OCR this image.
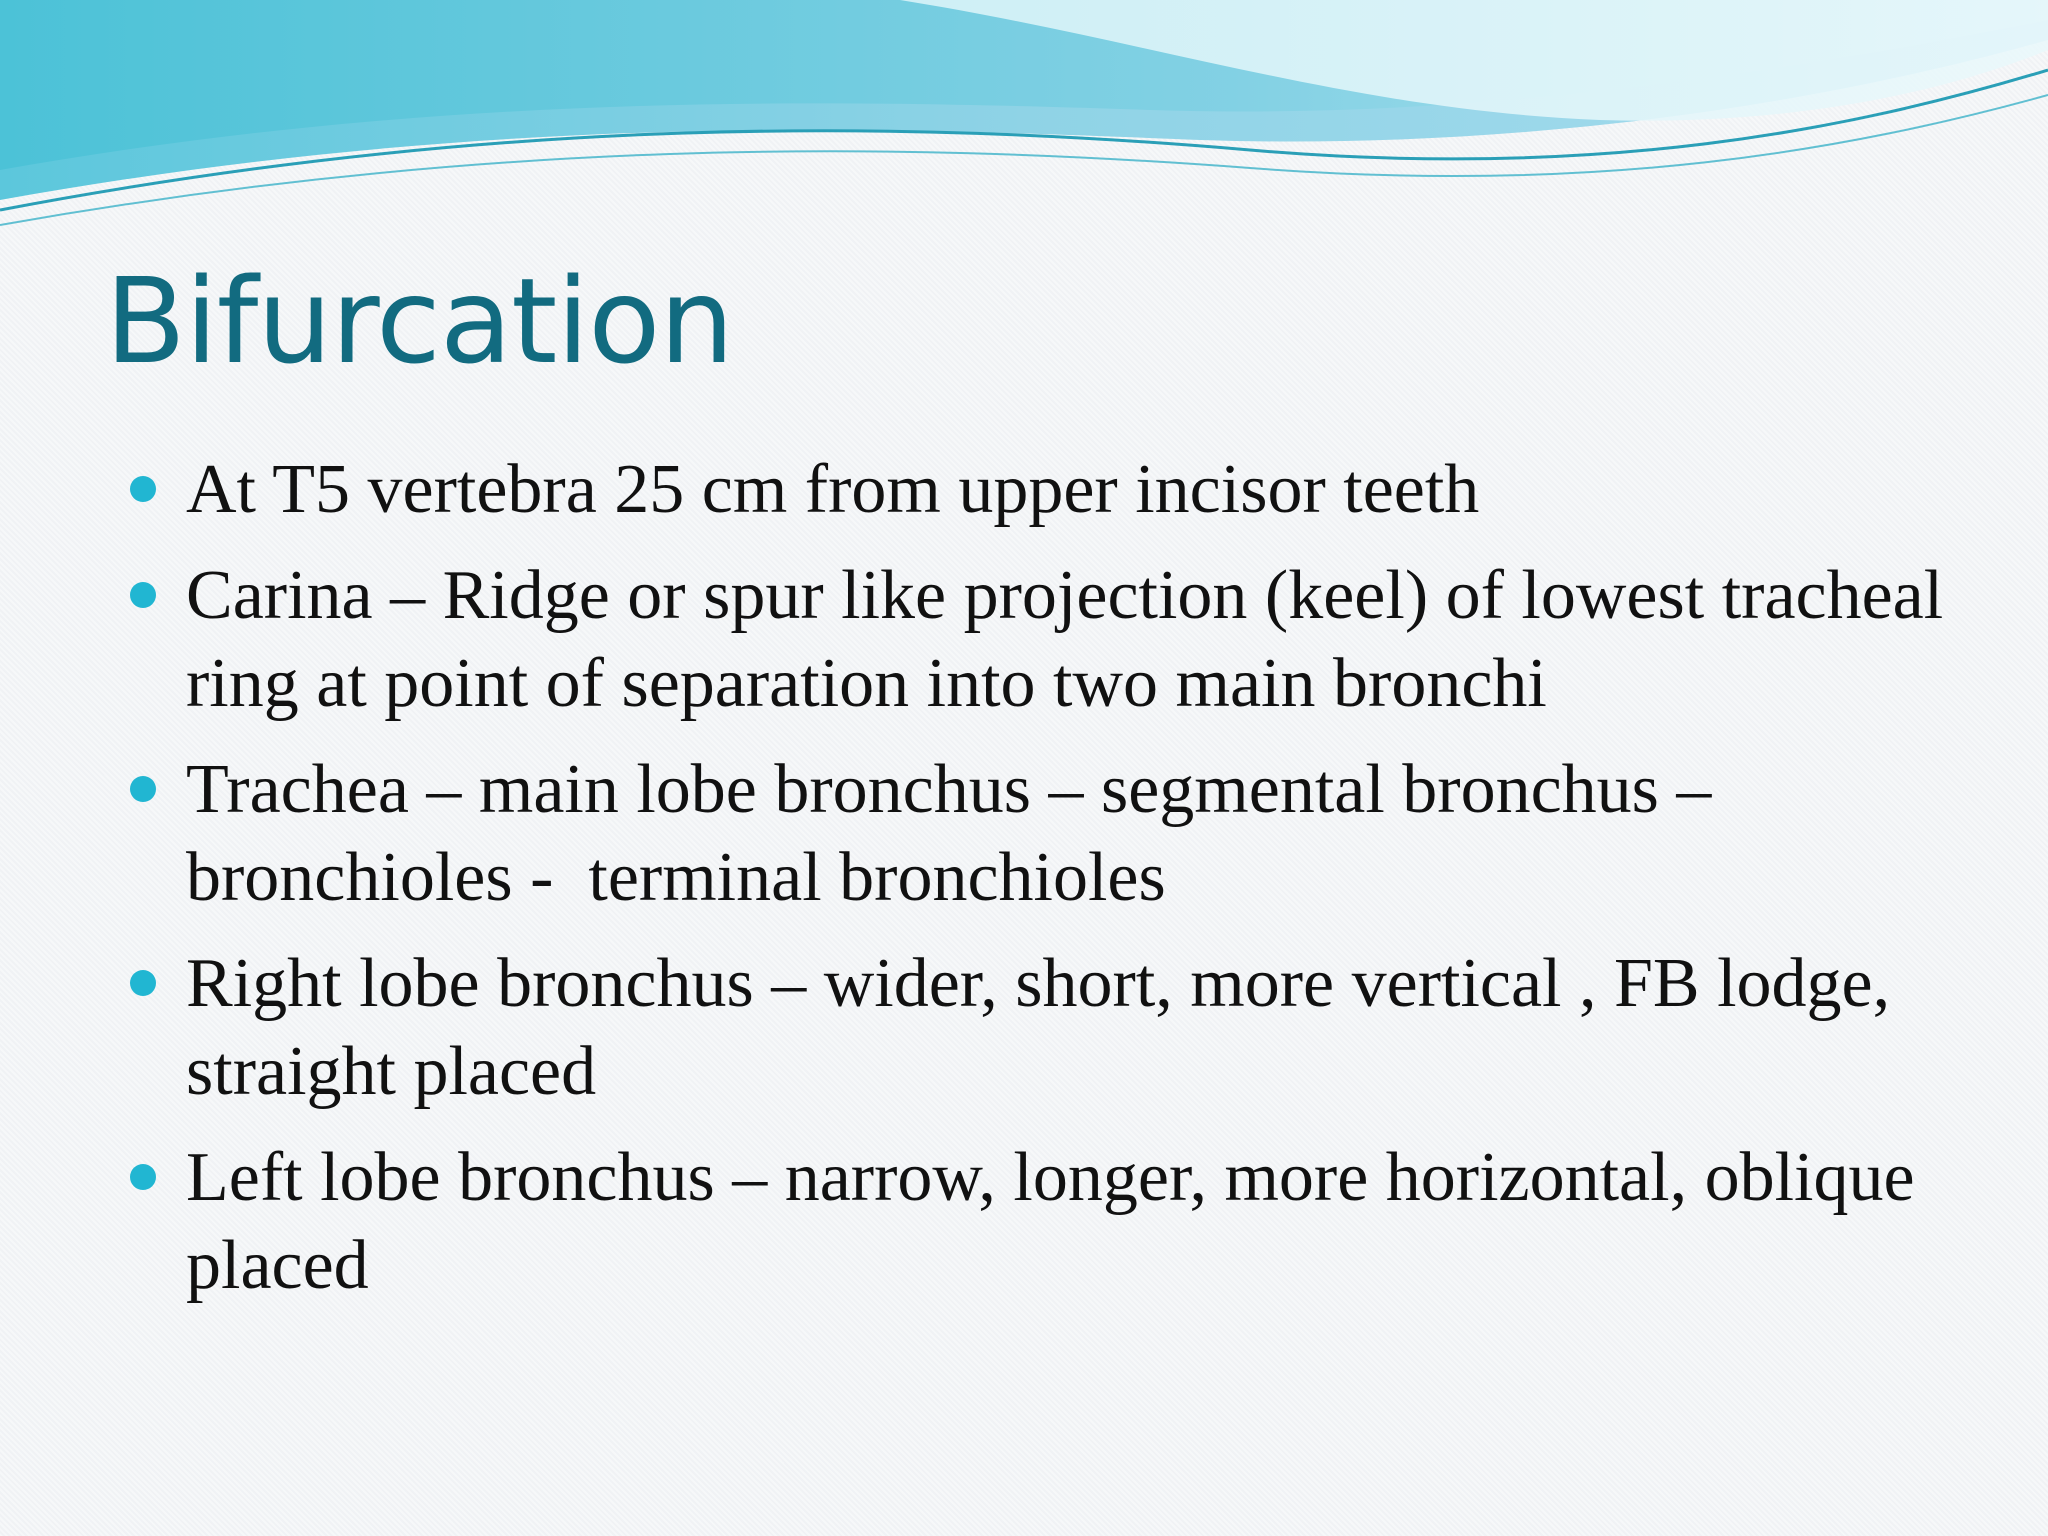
Bifurcation
At T5 vertebra 25 cm from upper incisor teeth
Carina – Ridge or spur like projection (keel) of lowest tracheal ring at point of separation into two main bronchi
Trachea – main lobe bronchus – segmental bronchus – bronchioles -  terminal bronchioles
Right lobe bronchus – wider, short, more vertical , FB lodge, straight placed
Left lobe bronchus – narrow, longer, more horizontal, oblique placed
